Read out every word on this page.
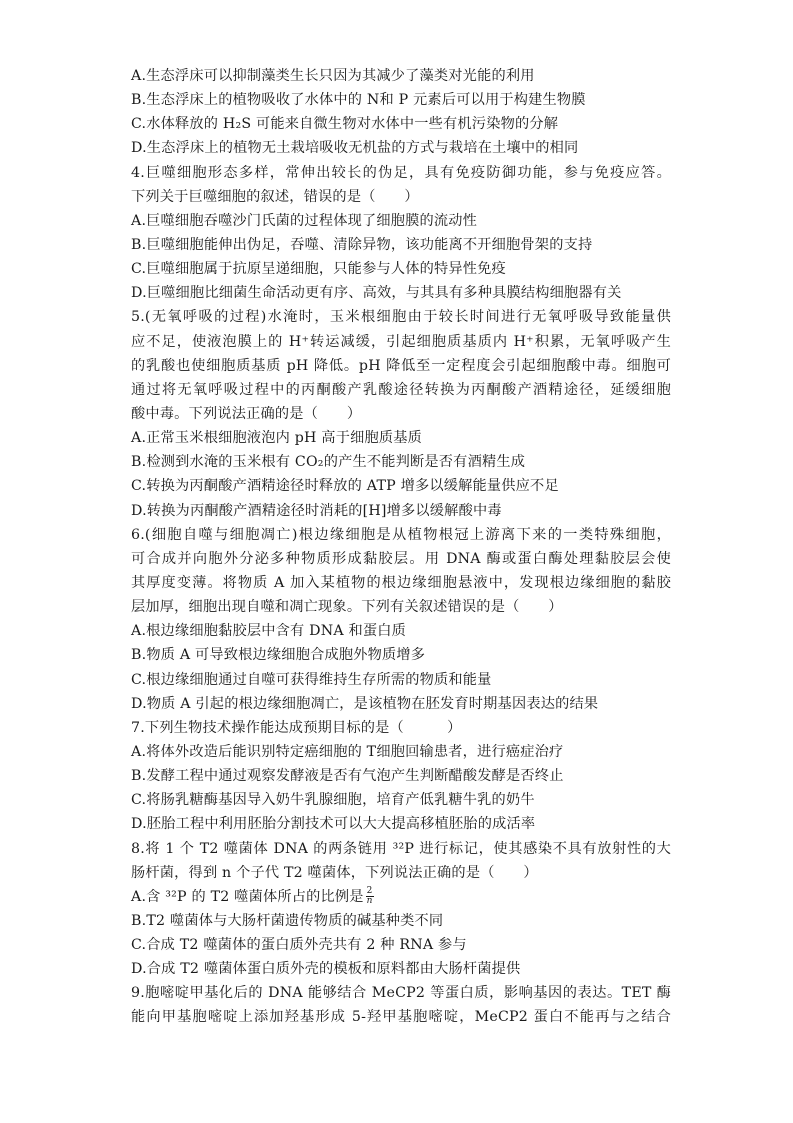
A.生态浮床可以抑制藻类生长只因为其减少了藻类对光能的利用
B.生态浮床上的植物吸收了水体中的 N和 P 元素后可以用于构建生物膜
C.水体释放的 H₂S 可能来自微生物对水体中一些有机污染物的分解
D.生态浮床上的植物无土栽培吸收无机盐的方式与栽培在土壤中的相同
4.巨噬细胞形态多样，常伸出较长的伪足，具有免疫防御功能，参与免疫应答。
下列关于巨噬细胞的叙述，错误的是（　　）
A.巨噬细胞吞噬沙门氏菌的过程体现了细胞膜的流动性
B.巨噬细胞能伸出伪足，吞噬、清除异物，该功能离不开细胞骨架的支持
C.巨噬细胞属于抗原呈递细胞，只能参与人体的特异性免疫
D.巨噬细胞比细菌生命活动更有序、高效，与其具有多种具膜结构细胞器有关
5.(无氧呼吸的过程)水淹时，玉米根细胞由于较长时间进行无氧呼吸导致能量供
应不足，使液泡膜上的 H⁺转运减缓，引起细胞质基质内 H⁺积累，无氧呼吸产生
的乳酸也使细胞质基质 pH 降低。pH 降低至一定程度会引起细胞酸中毒。细胞可
通过将无氧呼吸过程中的丙酮酸产乳酸途径转换为丙酮酸产酒精途径，延缓细胞
酸中毒。下列说法正确的是（　　）
A.正常玉米根细胞液泡内 pH 高于细胞质基质
B.检测到水淹的玉米根有 CO₂的产生不能判断是否有酒精生成
C.转换为丙酮酸产酒精途径时释放的 ATP 增多以缓解能量供应不足
D.转换为丙酮酸产酒精途径时消耗的[H]增多以缓解酸中毒
6.(细胞自噬与细胞凋亡)根边缘细胞是从植物根冠上游离下来的一类特殊细胞，
可合成并向胞外分泌多种物质形成黏胶层。用 DNA 酶或蛋白酶处理黏胶层会使
其厚度变薄。将物质 A 加入某植物的根边缘细胞悬液中，发现根边缘细胞的黏胶
层加厚，细胞出现自噬和凋亡现象。下列有关叙述错误的是（　　）
A.根边缘细胞黏胶层中含有 DNA 和蛋白质
B.物质 A 可导致根边缘细胞合成胞外物质增多
C.根边缘细胞通过自噬可获得维持生存所需的物质和能量
D.物质 A 引起的根边缘细胞凋亡，是该植物在胚发育时期基因表达的结果
7.下列生物技术操作能达成预期目标的是（　　　）
A.将体外改造后能识别特定癌细胞的 T细胞回输患者，进行癌症治疗
B.发酵工程中通过观察发酵液是否有气泡产生判断醋酸发酵是否终止
C.将肠乳糖酶基因导入奶牛乳腺细胞，培育产低乳糖牛乳的奶牛
D.胚胎工程中利用胚胎分割技术可以大大提高移植胚胎的成活率
8.将 1 个 T2 噬菌体 DNA 的两条链用 ³²P 进行标记，使其感染不具有放射性的大
肠杆菌，得到 n 个子代 T2 噬菌体，下列说法正确的是（　　）
A.含 ³²P 的 T2 噬菌体所占的比例是 $\frac{2}{n}$
B.T2 噬菌体与大肠杆菌遗传物质的碱基种类不同
C.合成 T2 噬菌体的蛋白质外壳共有 2 种 RNA 参与
D.合成 T2 噬菌体蛋白质外壳的模板和原料都由大肠杆菌提供
9.胞嘧啶甲基化后的 DNA 能够结合 MeCP2 等蛋白质，影响基因的表达。TET 酶
能向甲基胞嘧啶上添加羟基形成 5-羟甲基胞嘧啶，MeCP2 蛋白不能再与之结合
